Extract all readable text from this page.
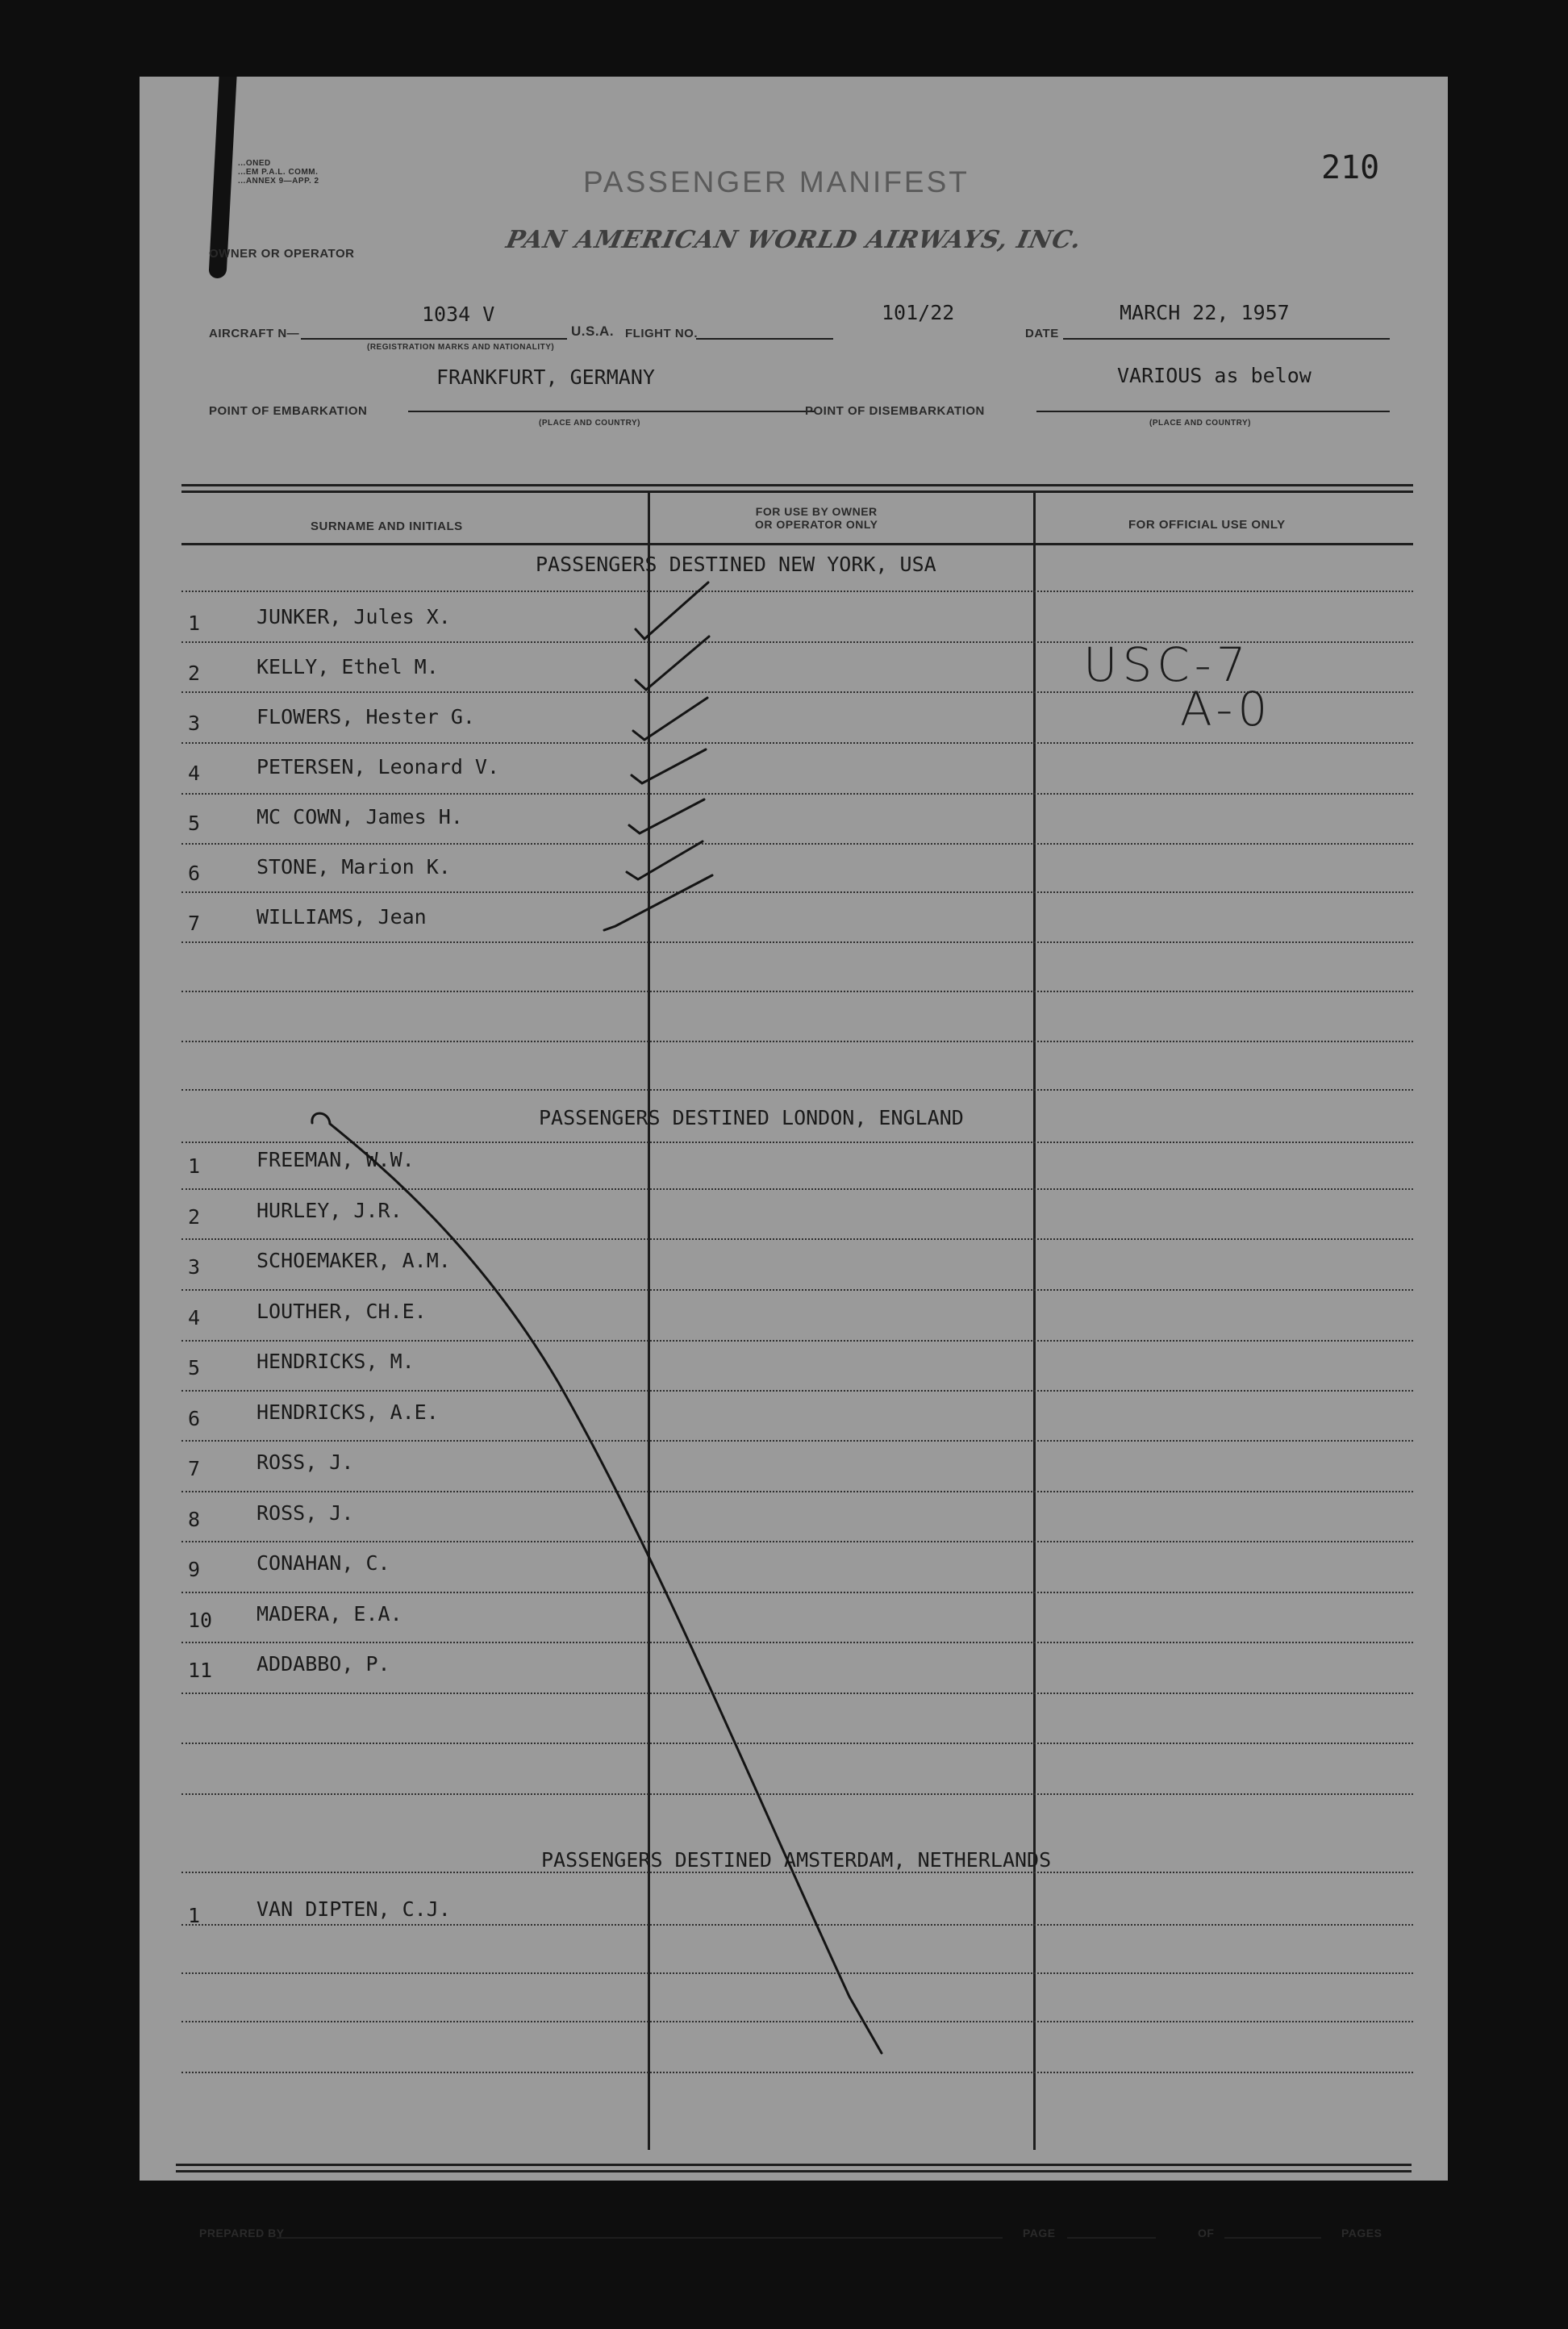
...ONED
...EM P.A.L. COMM.
...ANNEX 9—APP. 2	210
PASSENGER MANIFEST
OWNER OR OPERATOR	PAN AMERICAN WORLD AIRWAYS, INC.
AIRCRAFT N—
1034 V
(REGISTRATION MARKS AND NATIONALITY)
U.S.A. FLIGHT NO.
101/22
DATE
MARCH 22, 1957
FRANKFURT, GERMANY
POINT OF EMBARKATION
(PLACE AND COUNTRY)
POINT OF DISEMBARKATION
VARIOUS as below
(PLACE AND COUNTRY)
SURNAME AND INITIALS
FOR USE BY OWNER
OR OPERATOR ONLY	FOR OFFICIAL USE ONLY
PASSENGERS DESTINED NEW YORK, USA
PASSENGERS DESTINED LONDON, ENGLAND
PASSENGERS DESTINED AMSTERDAM, NETHERLANDS
1	JUNKER, Jules X.
2	KELLY, Ethel M.
3	FLOWERS, Hester G.
4	PETERSEN, Leonard V.
5	MC COWN, James H.
6	STONE, Marion K.
7	WILLIAMS, Jean
1	FREEMAN, W.W.
2	HURLEY, J.R.
3	SCHOEMAKER, A.M.
4	LOUTHER, CH.E.
5	HENDRICKS, M.
6	HENDRICKS, A.E.
7	ROSS, J.
8	ROSS, J.
9	CONAHAN, C.
10 MADERA, E.A.
11 ADDABBO, P.
1	VAN DIPTEN, C.J.
USC-7
A-0
PREPARED BY	PAGE	OF	PAGES
